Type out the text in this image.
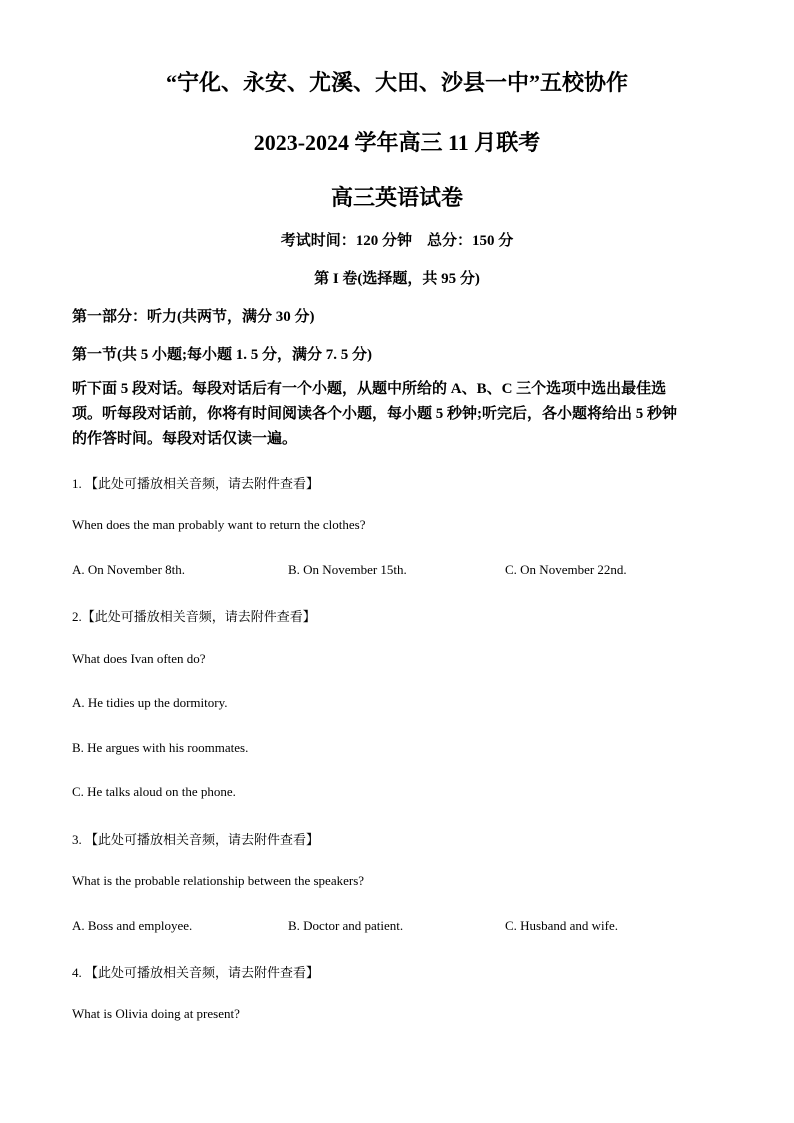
“宁化、永安、尤溪、大田、沙县一中”五校协作
2023-2024 学年高三 11 月联考
高三英语试卷
考试时间：120 分钟　总分：150 分
第 I 卷(选择题，共 95 分)
第一部分：听力(共两节，满分 30 分)
第一节(共 5 小题;每小题 1. 5 分，满分 7. 5 分)
听下面 5 段对话。每段对话后有一个小题，从题中所给的 A、B、C 三个选项中选出最佳选
项。听每段对话前，你将有时间阅读各个小题，每小题 5 秒钟;听完后，各小题将给出 5 秒钟
的作答时间。每段对话仅读一遍。
1. 【此处可播放相关音频，请去附件查看】
When does the man probably want to return the clothes?
A. On November 8th.	B. On November 15th.	C. On November 22nd.
2.【此处可播放相关音频，请去附件查看】
What does Ivan often do?
A. He tidies up the dormitory.
B. He argues with his roommates.
C. He talks aloud on the phone.
3. 【此处可播放相关音频，请去附件查看】
What is the probable relationship between the speakers?
A. Boss and employee.	B. Doctor and patient.	C. Husband and wife.
4. 【此处可播放相关音频，请去附件查看】
What is Olivia doing at present?
